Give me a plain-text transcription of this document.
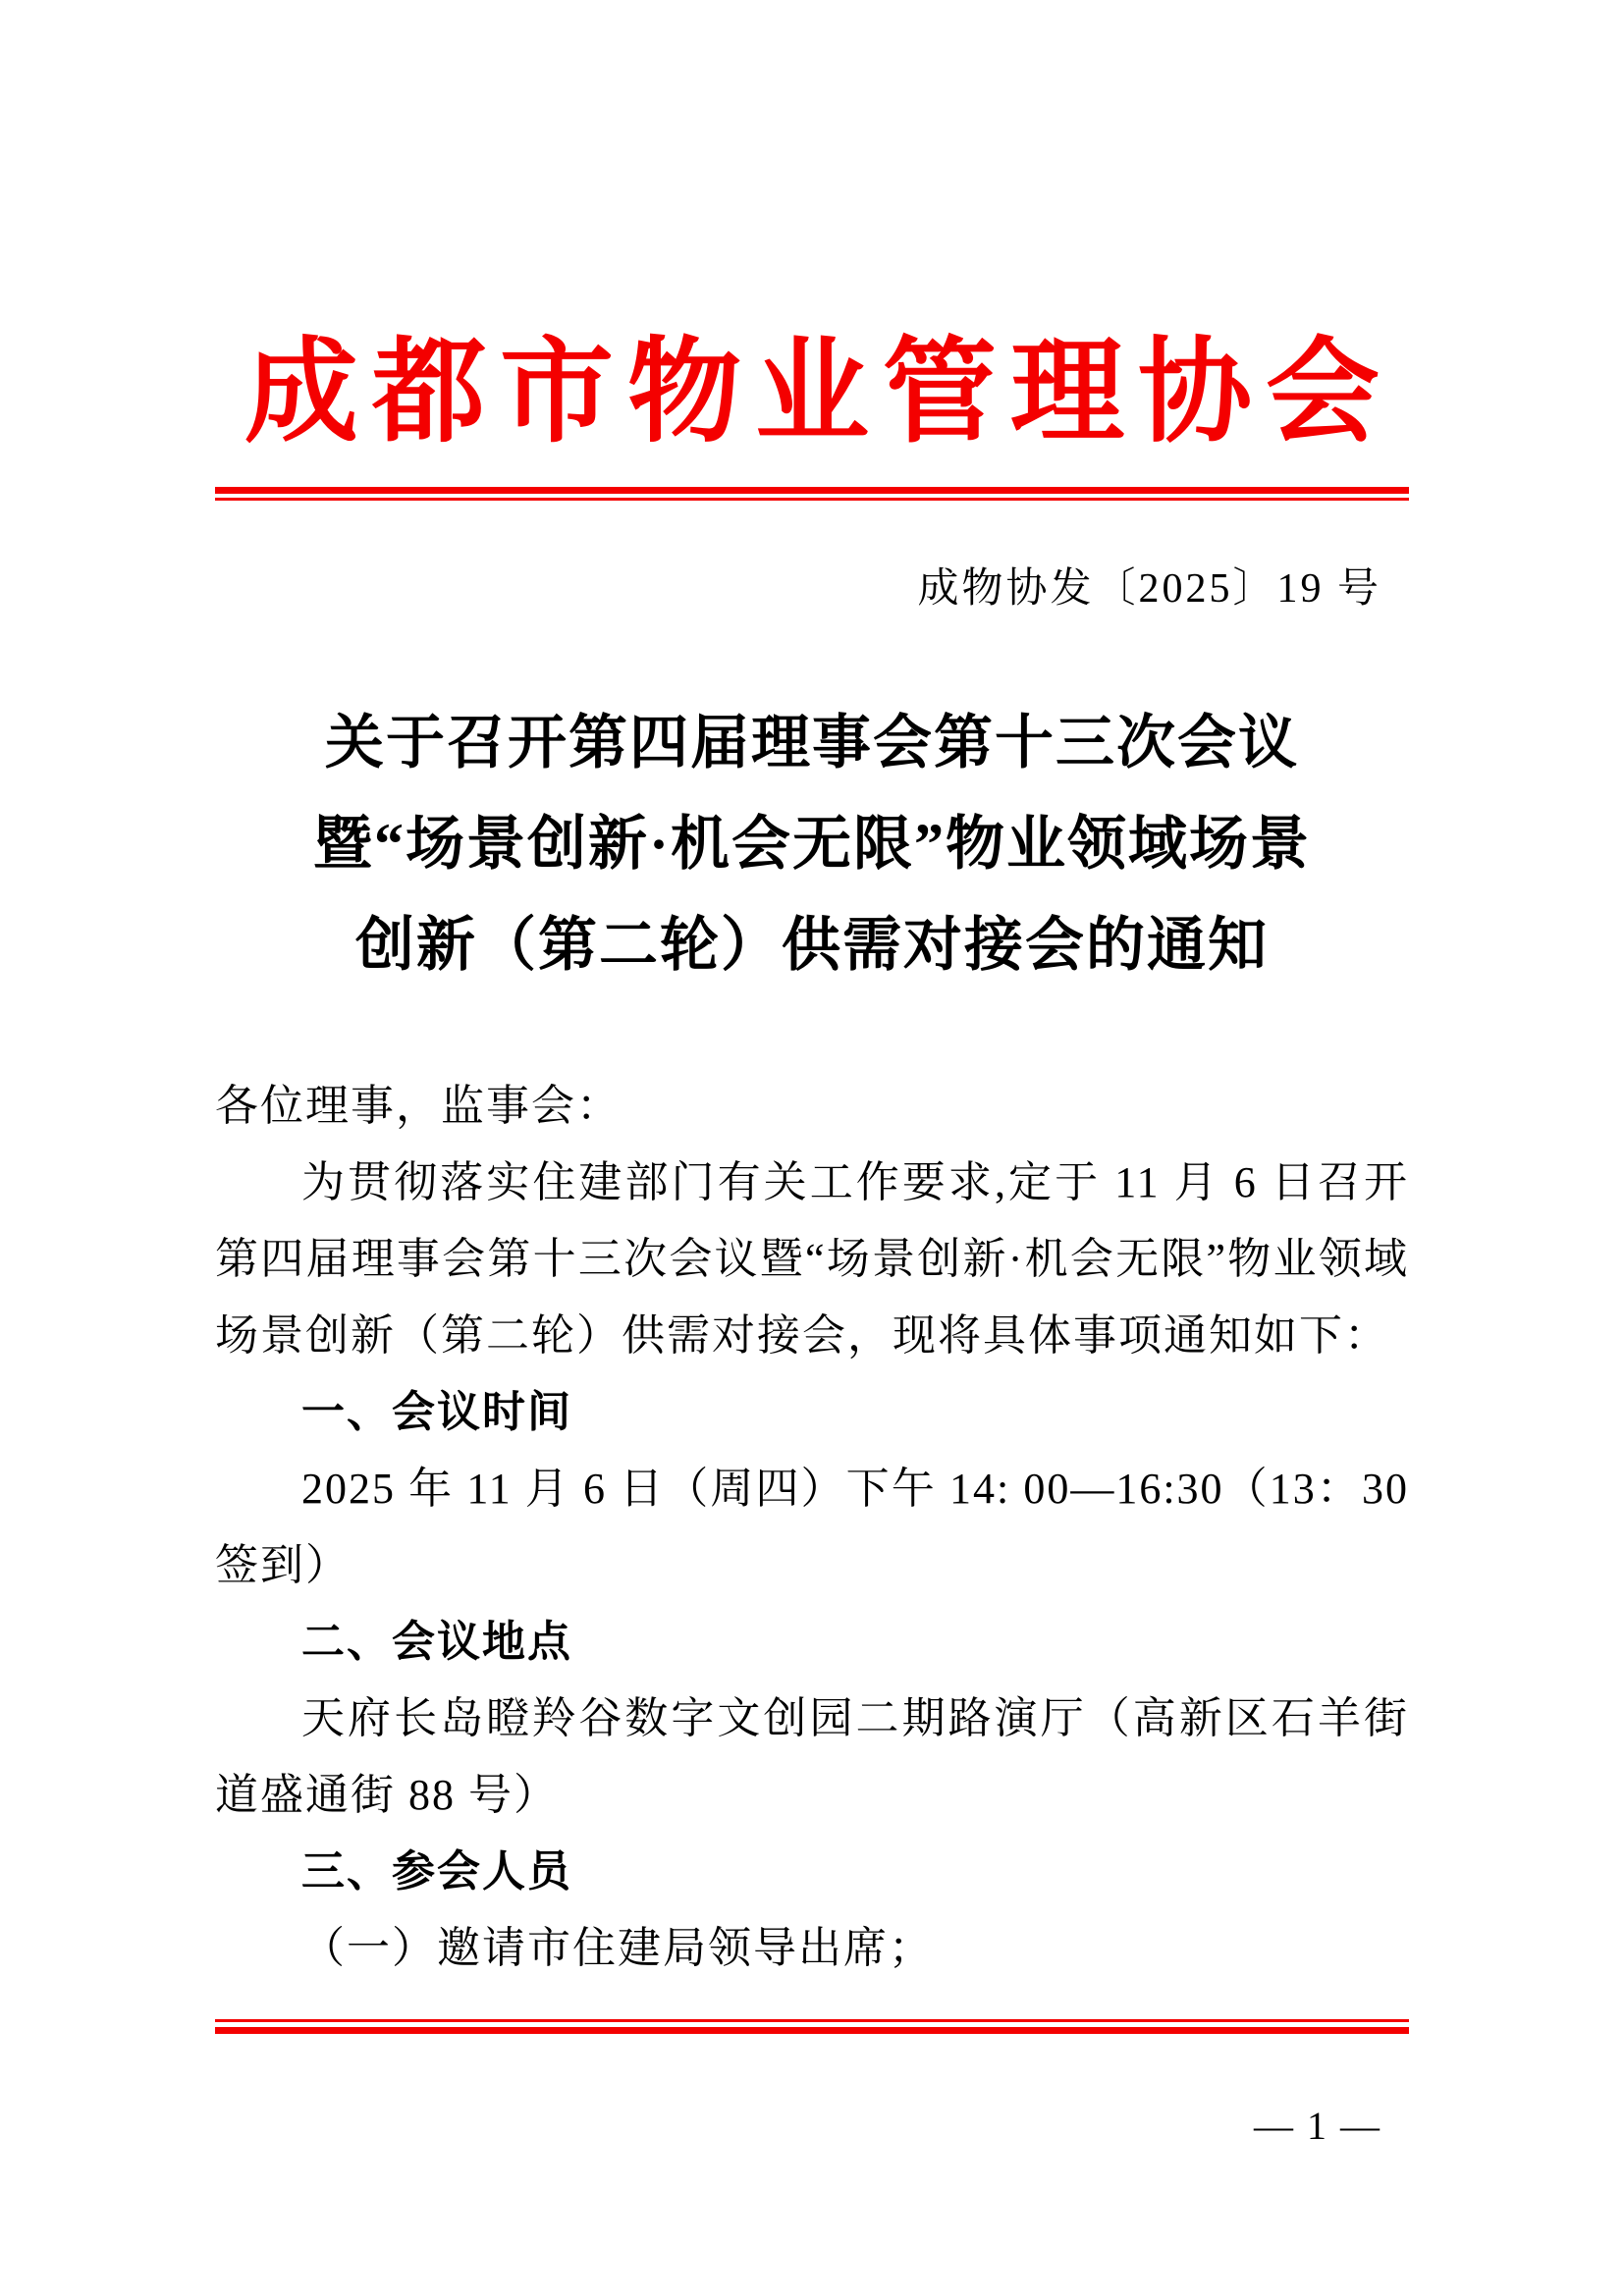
成都市物业管理协会
成物协发〔2025〕19 号
关于召开第四届理事会第十三次会议
暨“场景创新·机会无限”物业领域场景
创新（第二轮）供需对接会的通知

各位理事，监事会：

为贯彻落实住建部门有关工作要求,定于 11 月 6 日召开第四届理事会第十三次会议暨“场景创新·机会无限”物业领域场景创新（第二轮）供需对接会，现将具体事项通知如下：

一、会议时间

2025 年 11 月 6 日（周四）下午 14: 00—16:30（13：30 签到）

二、会议地点

天府长岛瞪羚谷数字文创园二期路演厅（高新区石羊街道盛通街 88 号）

三、参会人员

（一）邀请市住建局领导出席；

— 1 —
